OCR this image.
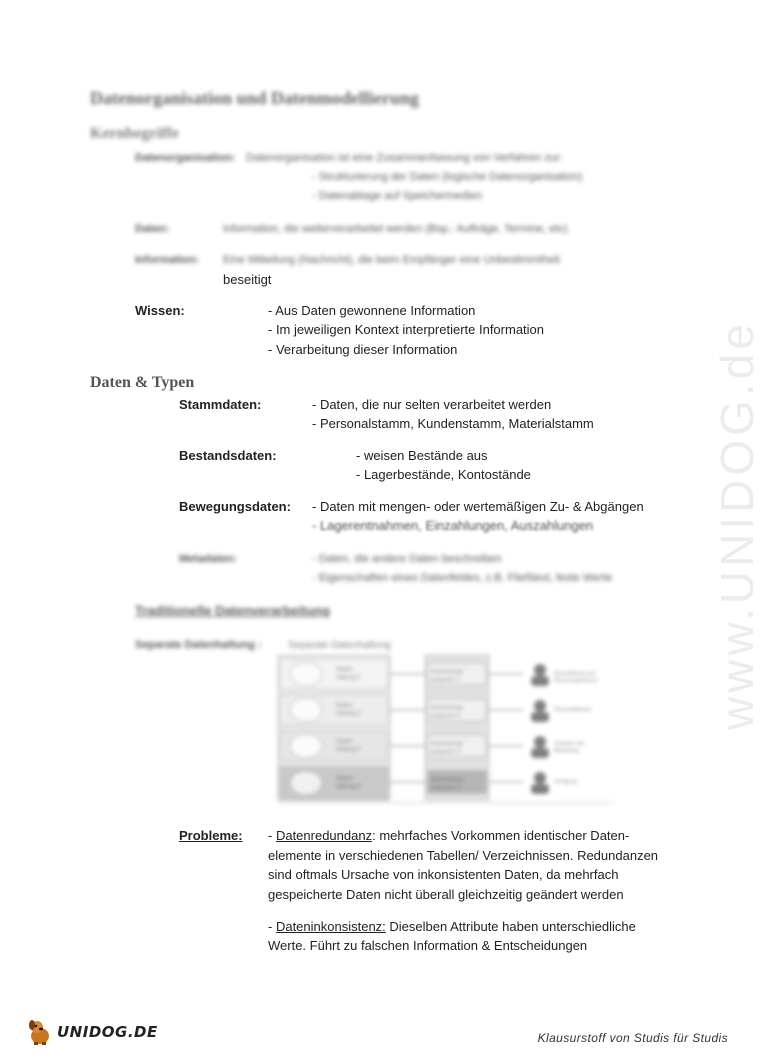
www.UNIDOG.de
Datenorganisation und Datenmodellierung
Kernbegriffe
Datenorganisation: Datenorganisation ist eine Zusammenfassung von Verfahren zur:
- Strukturierung der Daten (logische Datenorganisation)
- Datenablage auf Speichermedien
Daten:	Information, die weiterverarbeitet werden (Bsp.: Aufträge, Termine, etc)
Information: Eine Mitteilung (Nachricht), die beim Empfänger eine Unbestimmtheit
beseitigt
Wissen:	- Aus Daten gewonnene Information
- Im jeweiligen Kontext interpretierte Information
- Verarbeitung dieser Information
Daten & Typen
Stammdaten:	- Daten, die nur selten verarbeitet werden
- Personalstamm, Kundenstamm, Materialstamm
Bestandsdaten:	- weisen Bestände aus
- Lagerbestände, Kontostände
Bewegungsdaten: - Daten mit mengen- oder wertemäßigen Zu- & Abgängen
- Lagerentnahmen, Einzahlungen, Auszahlungen
Metadaten:	- Daten, die andere Daten beschreiben
- Eigenschaften eines Datenfeldes, z.B. Fließtext, feste Werte
Traditionelle Datenverarbeitung
Separate Datenhaltung :	Separate Datenhaltung
Daten-
haltung 1
Daten-
haltung 2
Daten-
haltung 3
Daten-
haltung 4
Anwendungs-
programm 1
Anwendungs-
programm 2
Anwendungs-
programm 3
Anwendungs-
programm 4
Buchhaltung und
Rechnungswesen
Personalwesen
Vertrieb und
Marketing
Fertigung
Probleme: - Datenredundanz: mehrfaches Vorkommen identischer Daten-
elemente in verschiedenen Tabellen/ Verzeichnissen. Redundanzen
sind oftmals Ursache von inkonsistenten Daten, da mehrfach
gespeicherte Daten nicht überall gleichzeitig geändert werden
- Dateninkonsistenz: Dieselben Attribute haben unterschiedliche
Werte. Führt zu falschen Information & Entscheidungen
UNIDOG.DE	Klausurstoff von Studis für Studis
